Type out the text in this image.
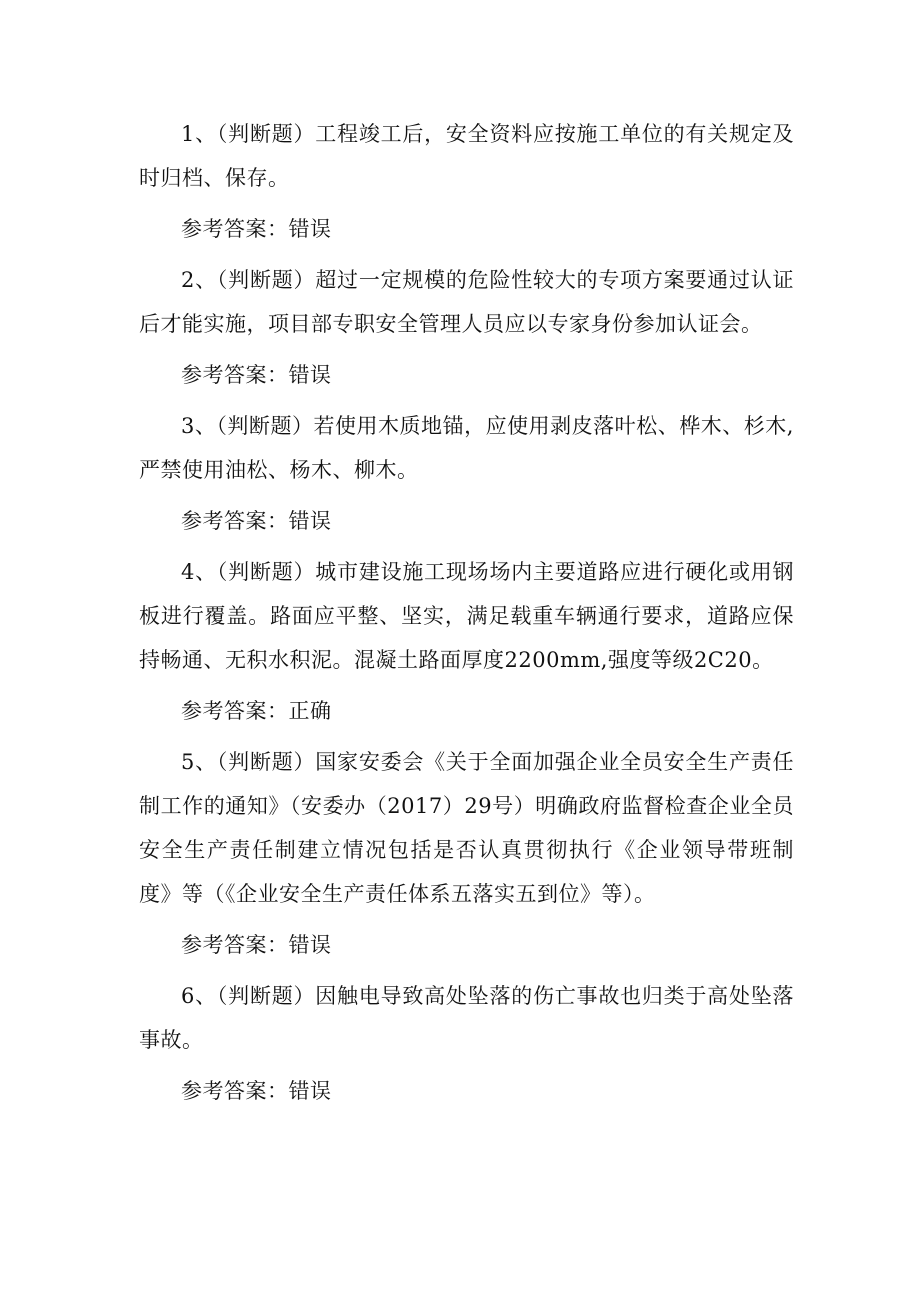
1、（判断题）工程竣工后，安全资料应按施工单位的有关规定及时归档、保存。

参考答案：错误

2、（判断题）超过一定规模的危险性较大的专项方案要通过认证后才能实施，项目部专职安全管理人员应以专家身份参加认证会。

参考答案：错误

3、（判断题）若使用木质地锚，应使用剥皮落叶松、桦木、杉木,严禁使用油松、杨木、柳木。

参考答案：错误

4、（判断题）城市建设施工现场场内主要道路应进行硬化或用钢板进行覆盖。路面应平整、坚实，满足载重车辆通行要求，道路应保持畅通、无积水积泥。混凝土路面厚度2200mm,强度等级2C20。

参考答案：正确

5、（判断题）国家安委会《关于全面加强企业全员安全生产责任制工作的通知》（安委办（2017）29号）明确政府监督检查企业全员安全生产责任制建立情况包括是否认真贯彻执行《企业领导带班制度》等（《企业安全生产责任体系五落实五到位》等）。

参考答案：错误

6、（判断题）因触电导致高处坠落的伤亡事故也归类于高处坠落事故。

参考答案：错误
